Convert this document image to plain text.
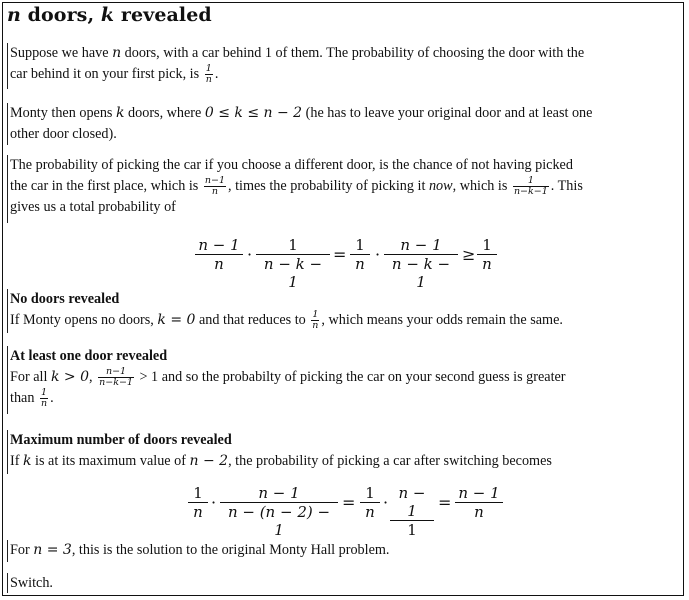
n doors, k revealed
Suppose we have n doors, with a car behind 1 of them. The probability of choosing the door with the
car behind it on your first pick, is $\frac{1}{n}$ .
Monty then opens k doors, where 0 ≤ k ≤ n − 2 (he has to leave your original door and at least one
other door closed).
The probability of picking the car if you choose a different door, is the chance of not having picked
the car in the first place, which is $\frac{n-1}{n}$ , times the probability of picking it now, which is $\frac{1}{n-k-1}$ . This
gives us a total probability of
n − 1
n
·	1
n − k − 1
= 1
n
·	n − 1
n − k − 1
≥ 1
n
No doors revealed
If Monty opens no doors, k = 0 and that reduces to $\frac{1}{n}$ , which means your odds remain the same.
At least one door revealed
For all k > 0, $\frac{n-1}{n-k-1} > 1$ and so the probabilty of picking the car on your second guess is greater
than $\frac{1}{n}$ .
Maximum number of doors revealed
If k is at its maximum value of n − 2, the probability of picking a car after switching becomes
1
n
·	n − 1
n − (n − 2) − 1
= 1
n
· n − 1
1
= n − 1
n
For n = 3, this is the solution to the original Monty Hall problem.
Switch.
